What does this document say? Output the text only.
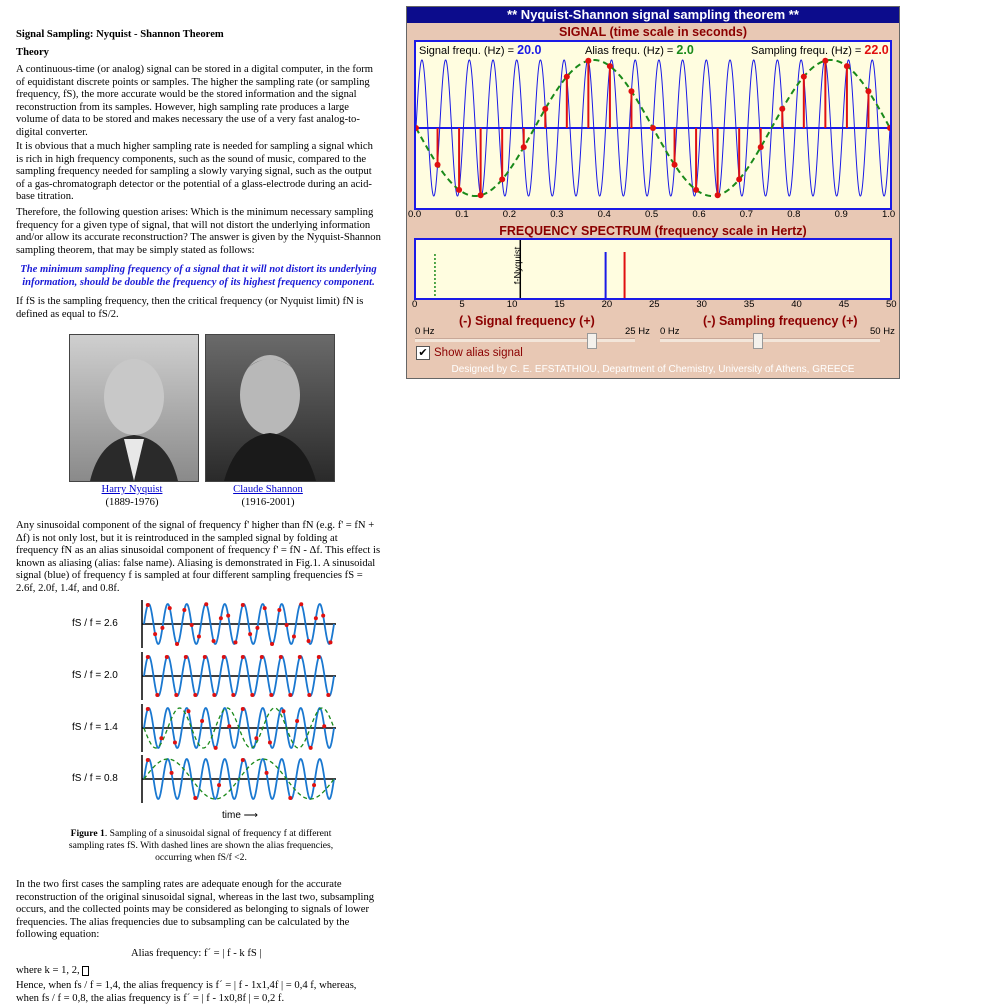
Signal Sampling: Nyquist - Shannon Theorem
Theory
A continuous-time (or analog) signal can be stored in a digital computer, in the form of equidistant discrete points or samples. The higher the sampling rate (or sampling frequency, fS), the more accurate would be the stored information and the signal reconstruction from its samples. However, high sampling rate produces a large volume of data to be stored and makes necessary the use of a very fast analog-to-digital converter.
It is obvious that a much higher sampling rate is needed for sampling a signal which is rich in high frequency components, such as the sound of music, compared to the sampling frequency needed for sampling a slowly varying signal, such as the output of a gas-chromatograph detector or the potential of a glass-electrode during an acid-base titration.
Therefore, the following question arises: Which is the minimum necessary sampling frequency for a given type of signal, that will not distort the underlying information and/or allow its accurate reconstruction? The answer is given by the Nyquist-Shannon sampling theorem, that may be simply stated as follows:
The minimum sampling frequency of a signal that it will not distort its underlying information, should be double the frequency of its highest frequency component.
If fS is the sampling frequency, then the critical frequency (or Nyquist limit) fN is defined as equal to fS/2.
Harry Nyquist
(1889-1976)
Claude Shannon
(1916-2001)
Any sinusoidal component of the signal of frequency f' higher than fN (e.g. f' = fN + Δf) is not only lost, but it is reintroduced in the sampled signal by folding at frequency fN as an alias sinusoidal component of frequency f' = fN - Δf. This effect is known as aliasing (alias: false name). Aliasing is demonstrated in Fig.1. A sinusoidal signal (blue) of frequency f is sampled at four different sampling frequencies fS = 2.6f, 2.0f, 1.4f, and 0.8f.
fS / f = 2.6
fS / f = 2.0
fS / f = 1.4
fS / f = 0.8
time ⟶
Figure 1. Sampling of a sinusoidal signal of frequency f at different sampling rates fS. With dashed lines are shown the alias frequencies, occurring when fS/f <2.
In the two first cases the sampling rates are adequate enough for the accurate reconstruction of the original sinusoidal signal, whereas in the last two, subsampling occurs, and the collected points may be considered as belonging to signals of lower frequencies. The alias frequencies due to subsampling can be calculated by the following equation:
Alias frequency: f´ = | f - k fS |
where k = 1, 2,
Hence, when fs / f = 1,4, the alias frequency is f´ = | f - 1x1,4f | = 0,4 f, whereas, when fs / f = 0,8, the alias frequency is f´ = | f - 1x0,8f | = 0,2 f.
** Nyquist-Shannon signal sampling theorem **
SIGNAL (time scale in seconds)
Signal frequ. (Hz) = 20.0	Alias frequ. (Hz) = 2.0	Sampling frequ. (Hz) = 22.0
0.0	0.1	0.2	0.3	0.4	0.5	0.6	0.7	0.8	0.9	1.0
FREQUENCY SPECTRUM (frequency scale in Hertz)
f-Nyquist
0	5	10	15	20	25	30	35	40	45	50
(-) Signal frequency (+)
0 Hz	25 Hz
(-) Sampling frequency (+)
0 Hz	50 Hz
✔ Show alias signal
Designed by C. E. EFSTATHIOU, Department of Chemistry, University of Athens, GREECE
